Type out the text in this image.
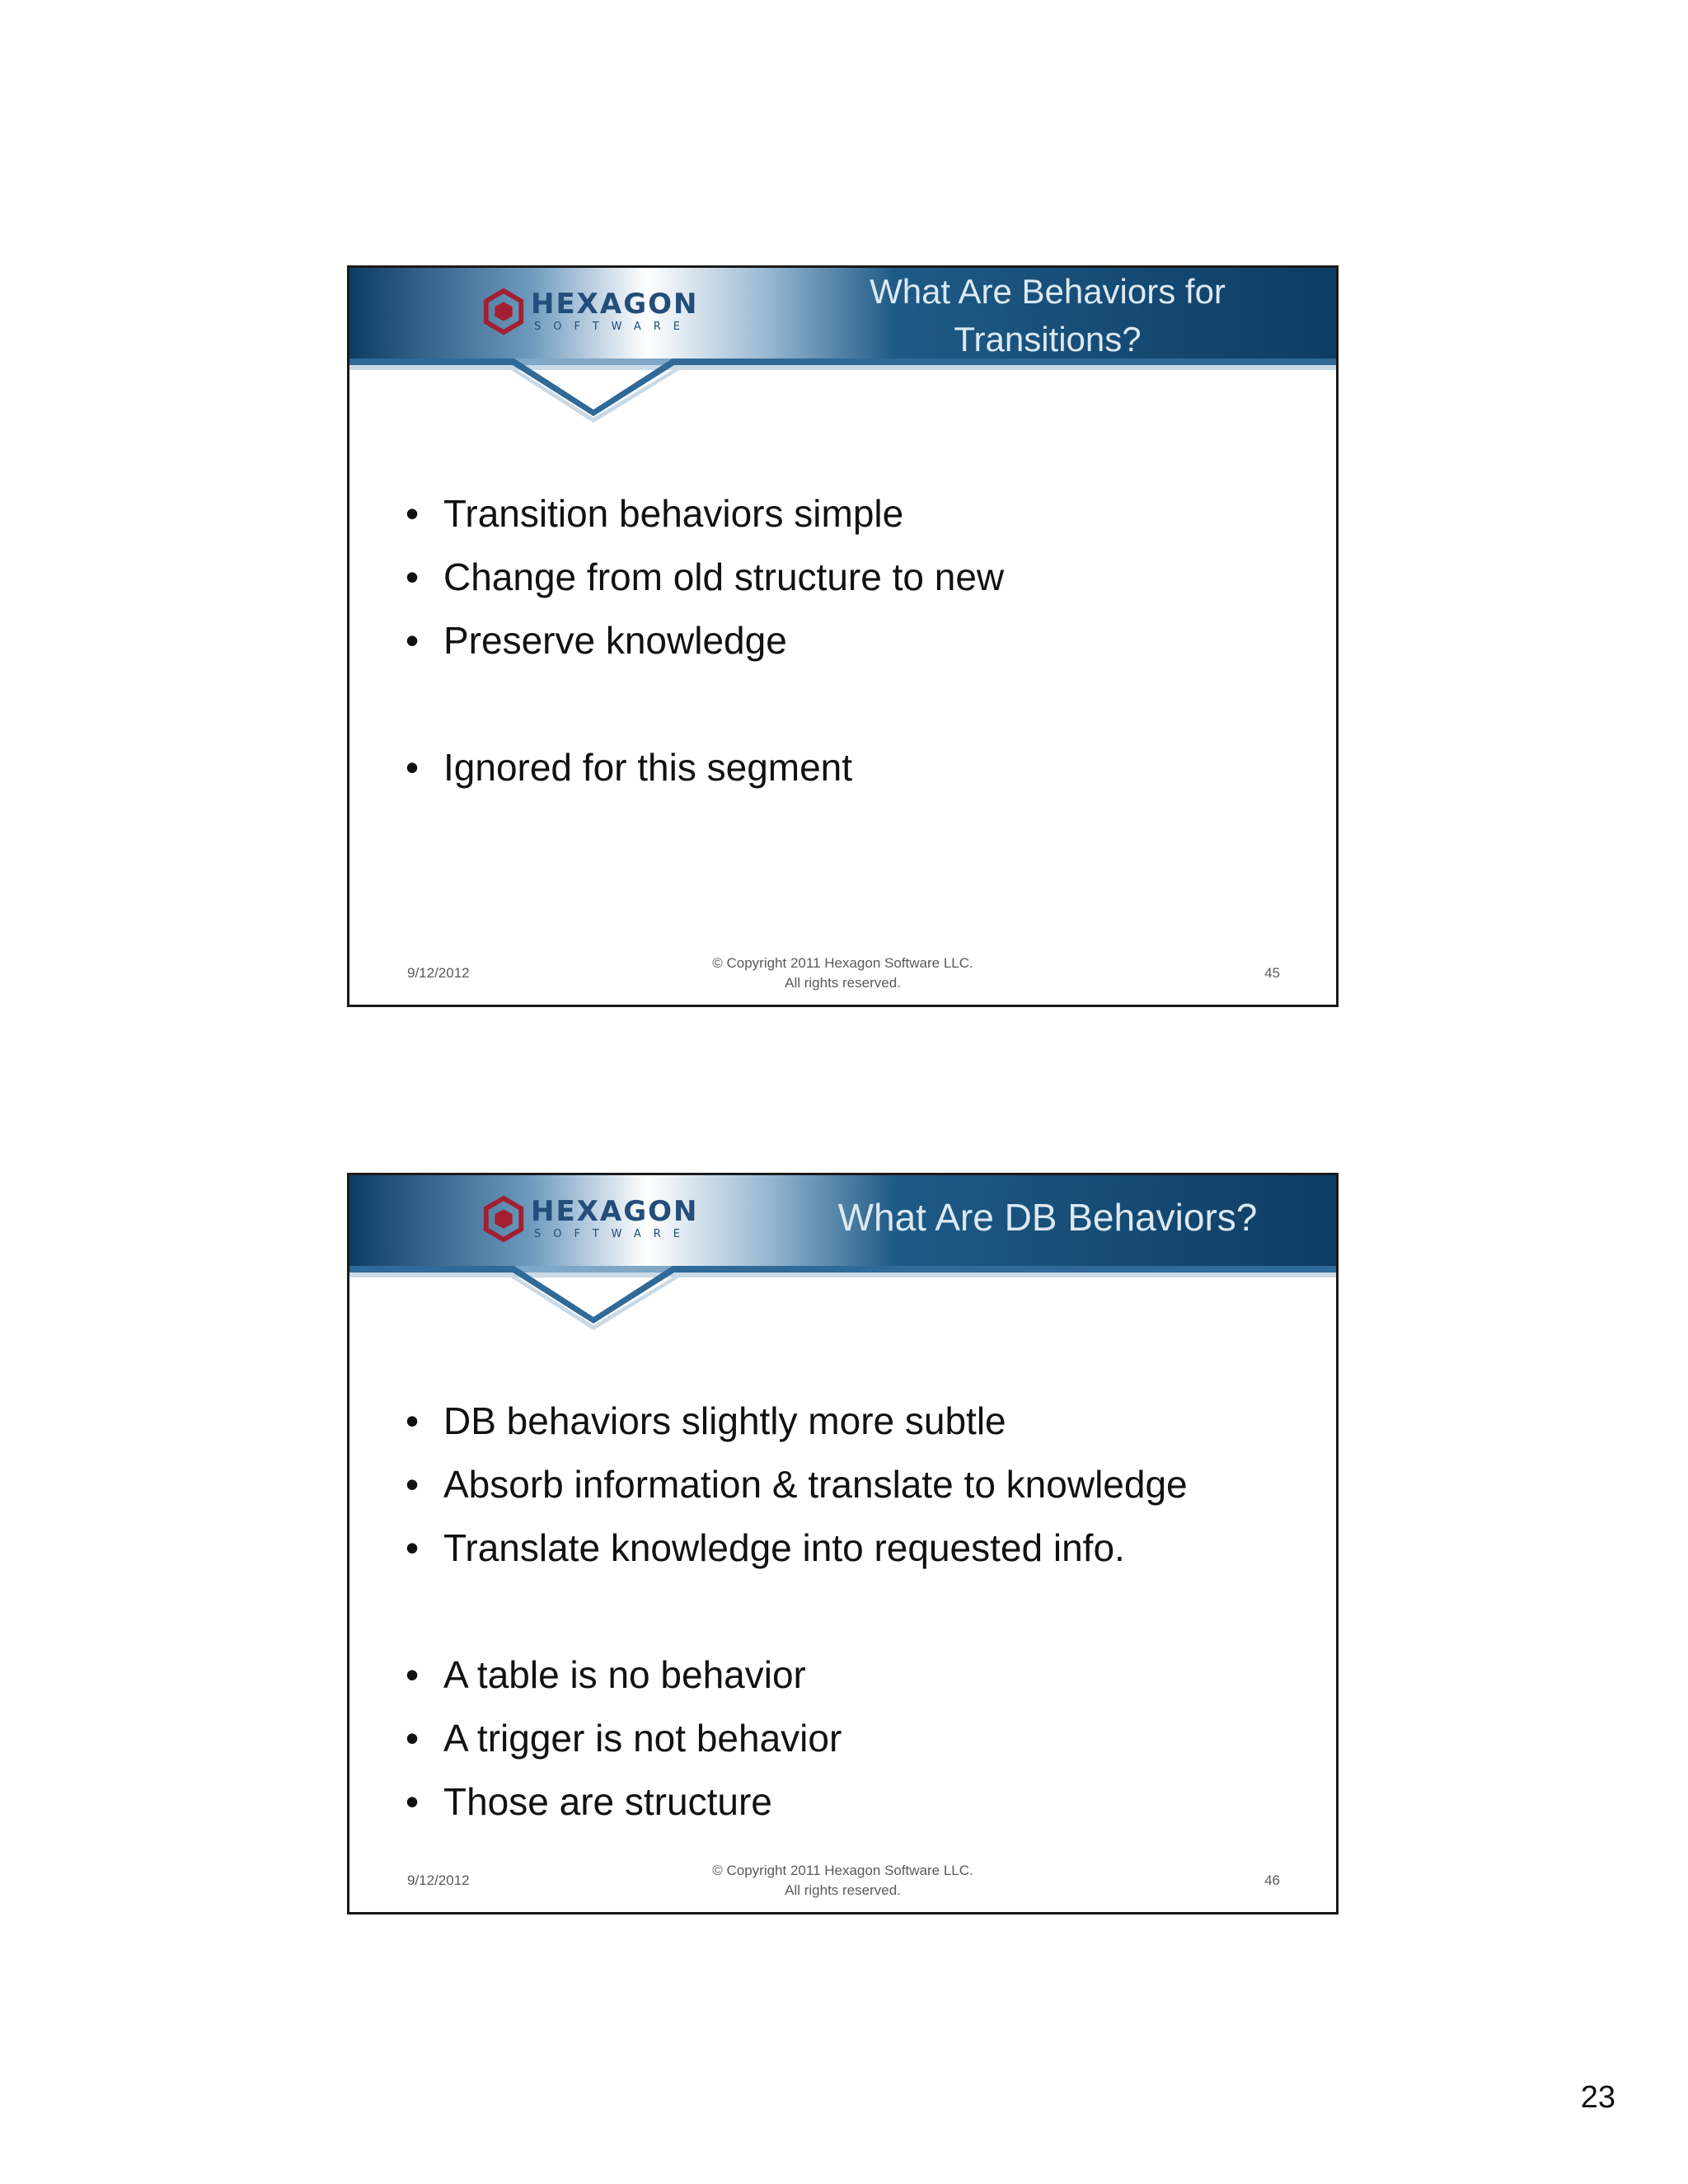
HEXAGON
SOFTWARE
What Are Behaviors for
Transitions?
• Transition behaviors simple
• Change from old structure to new
• Preserve knowledge
• Ignored for this segment
9/12/2012
© Copyright 2011 Hexagon Software LLC.
All rights reserved.
45
HEXAGON
SOFTWARE	What Are DB Behaviors?
• DB behaviors slightly more subtle
• Absorb information & translate to knowledge
• Translate knowledge into requested info.
• A table is no behavior
• A trigger is not behavior
• Those are structure
9/12/2012
© Copyright 2011 Hexagon Software LLC.
All rights reserved.
46
23
